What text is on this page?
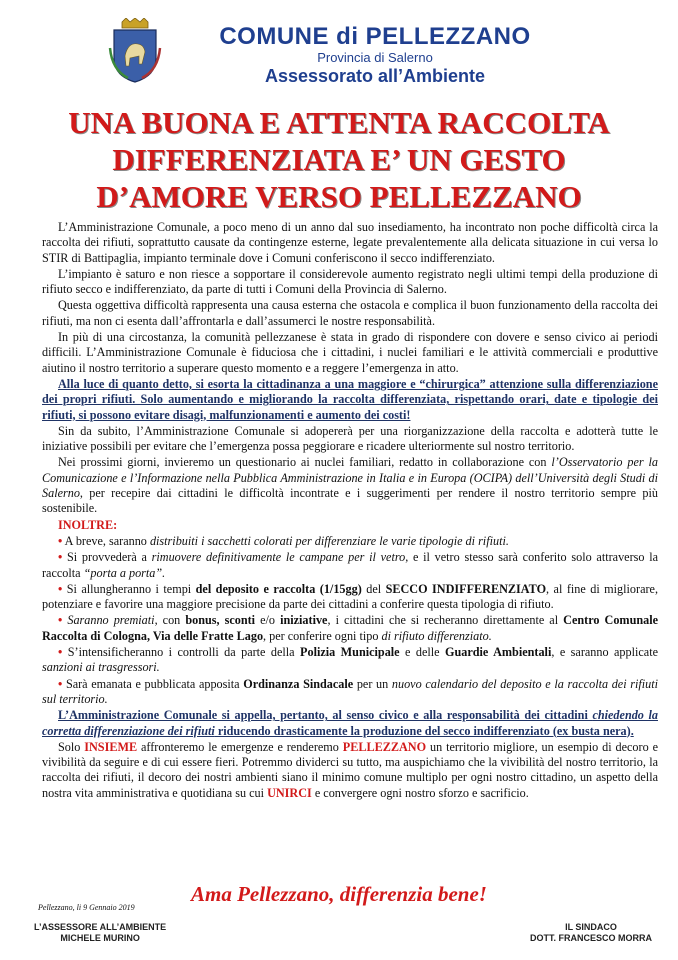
COMUNE di PELLEZZANO
Provincia di Salerno
Assessorato all’Ambiente
UNA BUONA E ATTENTA RACCOLTA
DIFFERENZIATA E’ UN GESTO
D’AMORE VERSO PELLEZZANO

L’Amministrazione Comunale, a poco meno di un anno dal suo insediamento, ha incontrato non poche difficoltà circa la raccolta dei rifiuti, soprattutto causate da contingenze esterne, legate prevalentemente alla delicata situazione in cui versa lo STIR di Battipaglia, impianto terminale dove i Comuni conferiscono il secco indifferenziato.

L’impianto è saturo e non riesce a sopportare il considerevole aumento registrato negli ultimi tempi della produzione di rifiuto secco e indifferenziato, da parte di tutti i Comuni della Provincia di Salerno.

Questa oggettiva difficoltà rappresenta una causa esterna che ostacola e complica il buon funzionamento della raccolta dei rifiuti, ma non ci esenta dall’affrontarla e dall’assumerci le nostre responsabilità.

In più di una circostanza, la comunità pellezzanese è stata in grado di rispondere con dovere e senso civico ai periodi difficili. L’Amministrazione Comunale è fiduciosa che i cittadini, i nuclei familiari e le attività commerciali e produttive aiutino il nostro territorio a superare questo momento e a reggere l’emergenza in atto.

Alla luce di quanto detto, si esorta la cittadinanza a una maggiore e “chirurgica” attenzione sulla differenziazione dei propri rifiuti. Solo aumentando e migliorando la raccolta differenziata, rispettando orari, date e tipologie dei rifiuti, si possono evitare disagi, malfunzionamenti e aumento dei costi!

Sin da subito, l’Amministrazione Comunale si adopererà per una riorganizzazione della raccolta e adotterà tutte le iniziative possibili per evitare che l’emergenza possa peggiorare e ricadere ulteriormente sul nostro territorio.

Nei prossimi giorni, invieremo un questionario ai nuclei familiari, redatto in collaborazione con l’Osservatorio per la Comunicazione e l’Informazione nella Pubblica Amministrazione in Italia e in Europa (OCIPA) dell’Università degli Studi di Salerno, per recepire dai cittadini le difficoltà incontrate e i suggerimenti per rendere il nostro territorio sempre più sostenibile.

INOLTRE:

• A breve, saranno distribuiti i sacchetti colorati per differenziare le varie tipologie di rifiuti.

• Si provvederà a rimuovere definitivamente le campane per il vetro, e il vetro stesso sarà conferito solo attraverso la raccolta “porta a porta”.

• Si allungheranno i tempi del deposito e raccolta (1/15gg) del SECCO INDIFFERENZIATO, al fine di migliorare, potenziare e favorire una maggiore precisione da parte dei cittadini a conferire questa tipologia di rifiuto.

• Saranno premiati, con bonus, sconti e/o iniziative, i cittadini che si recheranno direttamente al Centro Comunale Raccolta di Cologna, Via delle Fratte Lago, per conferire ogni tipo di rifiuto differenziato.

• S’intensificheranno i controlli da parte della Polizia Municipale e delle Guardie Ambientali, e saranno applicate sanzioni ai trasgressori.

• Sarà emanata e pubblicata apposita Ordinanza Sindacale per un nuovo calendario del deposito e la raccolta dei rifiuti sul territorio.

L’Amministrazione Comunale si appella, pertanto, al senso civico e alla responsabilità dei cittadini chiedendo la corretta differenziazione dei rifiuti riducendo drasticamente la produzione del secco indifferenziato (ex busta nera).

Solo INSIEME affronteremo le emergenze e renderemo PELLEZZANO un territorio migliore, un esempio di decoro e vivibilità da seguire e di cui essere fieri. Potremmo dividerci su tutto, ma auspichiamo che la vivibilità del nostro territorio, la raccolta dei rifiuti, il decoro dei nostri ambienti siano il minimo comune multiplo per ogni nostro cittadino, un aspetto della nostra vita amministrativa e quotidiana su cui UNIRCI e convergere ogni nostro sforzo e sacrificio.

Ama Pellezzano, differenzia bene!
Pellezzano, li 9 Gennaio 2019
L’ASSESSORE ALL’AMBIENTE
MICHELE MURINO
IL SINDACO
DOTT. FRANCESCO MORRA
